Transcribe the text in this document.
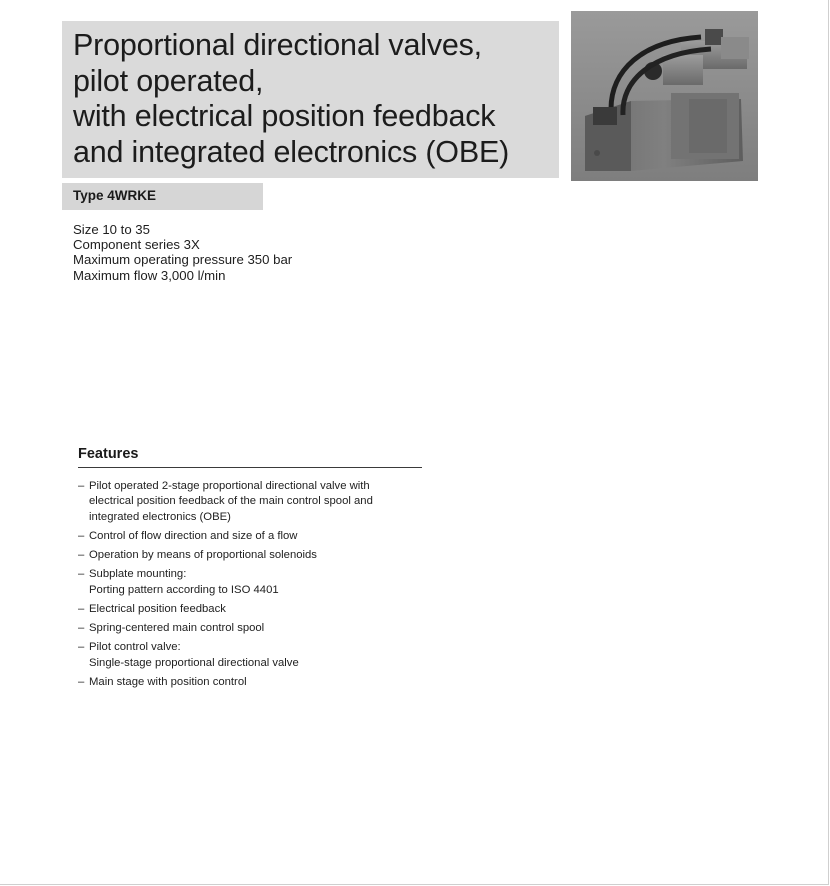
Proportional directional valves,
pilot operated,
with electrical position feedback
and integrated electronics (OBE)
Type 4WRKE
Size 10 to 35
Component series 3X
Maximum operating pressure 350 bar
Maximum flow 3,000 l/min
Features
– Pilot operated 2-stage proportional directional valve with
electrical position feedback of the main control spool and
integrated electronics (OBE)
– Control of flow direction and size of a flow
– Operation by means of proportional solenoids
– Subplate mounting:
Porting pattern according to ISO 4401
– Electrical position feedback
– Spring-centered main control spool
– Pilot control valve:
Single-stage proportional directional valve
– Main stage with position control
